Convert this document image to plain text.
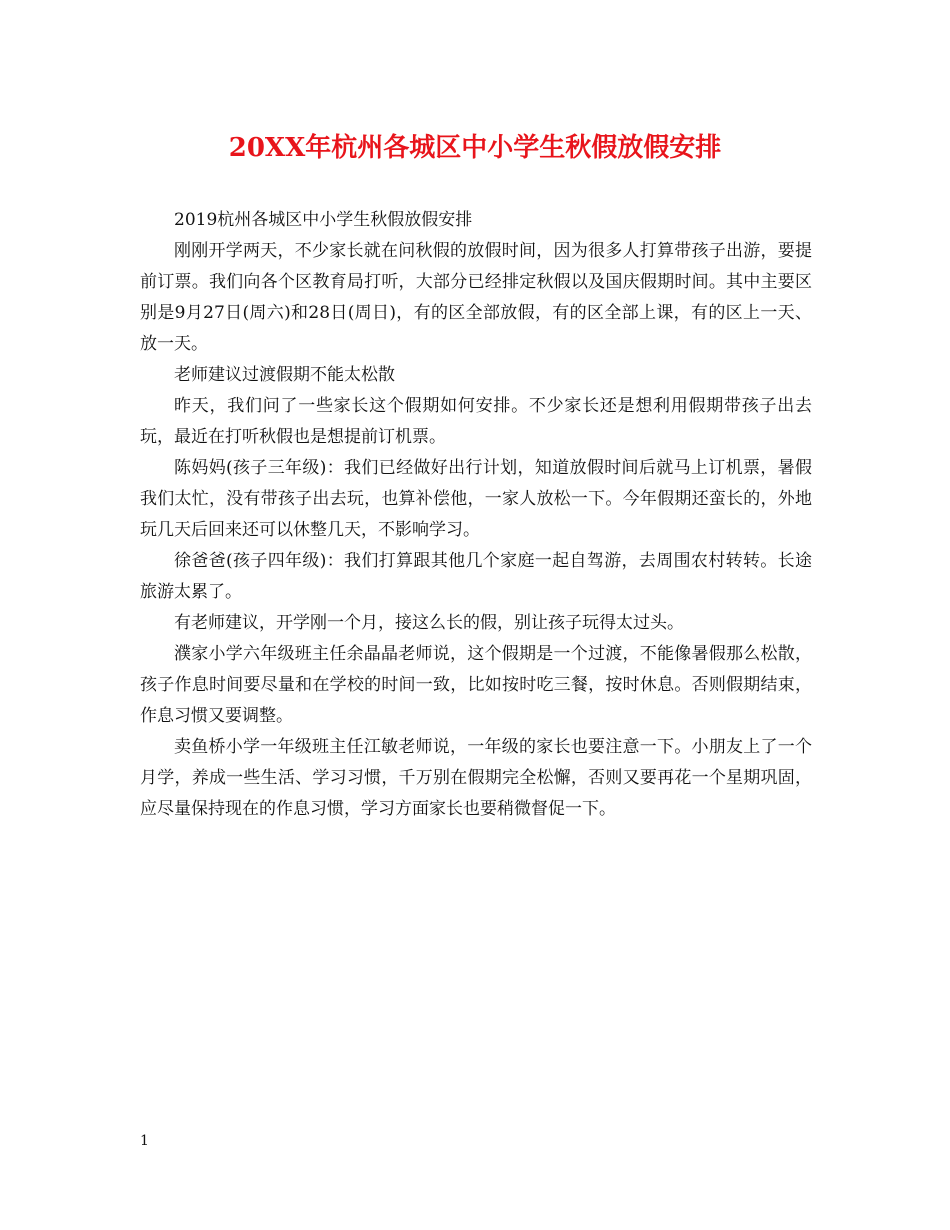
20XX年杭州各城区中小学生秋假放假安排

2019杭州各城区中小学生秋假放假安排

刚刚开学两天，不少家长就在问秋假的放假时间，因为很多人打算带孩子出游，要提前订票。我们向各个区教育局打听，大部分已经排定秋假以及国庆假期时间。其中主要区别是9月27日(周六)和28日(周日)，有的区全部放假，有的区全部上课，有的区上一天、放一天。

老师建议过渡假期不能太松散

昨天，我们问了一些家长这个假期如何安排。不少家长还是想利用假期带孩子出去玩，最近在打听秋假也是想提前订机票。

陈妈妈(孩子三年级)：我们已经做好出行计划，知道放假时间后就马上订机票，暑假我们太忙，没有带孩子出去玩，也算补偿他，一家人放松一下。今年假期还蛮长的，外地玩几天后回来还可以休整几天，不影响学习。

徐爸爸(孩子四年级)：我们打算跟其他几个家庭一起自驾游，去周围农村转转。长途旅游太累了。

有老师建议，开学刚一个月，接这么长的假，别让孩子玩得太过头。

濮家小学六年级班主任余晶晶老师说，这个假期是一个过渡，不能像暑假那么松散，孩子作息时间要尽量和在学校的时间一致，比如按时吃三餐，按时休息。否则假期结束，作息习惯又要调整。

卖鱼桥小学一年级班主任江敏老师说，一年级的家长也要注意一下。小朋友上了一个月学，养成一些生活、学习习惯，千万别在假期完全松懈，否则又要再花一个星期巩固，应尽量保持现在的作息习惯，学习方面家长也要稍微督促一下。

1
